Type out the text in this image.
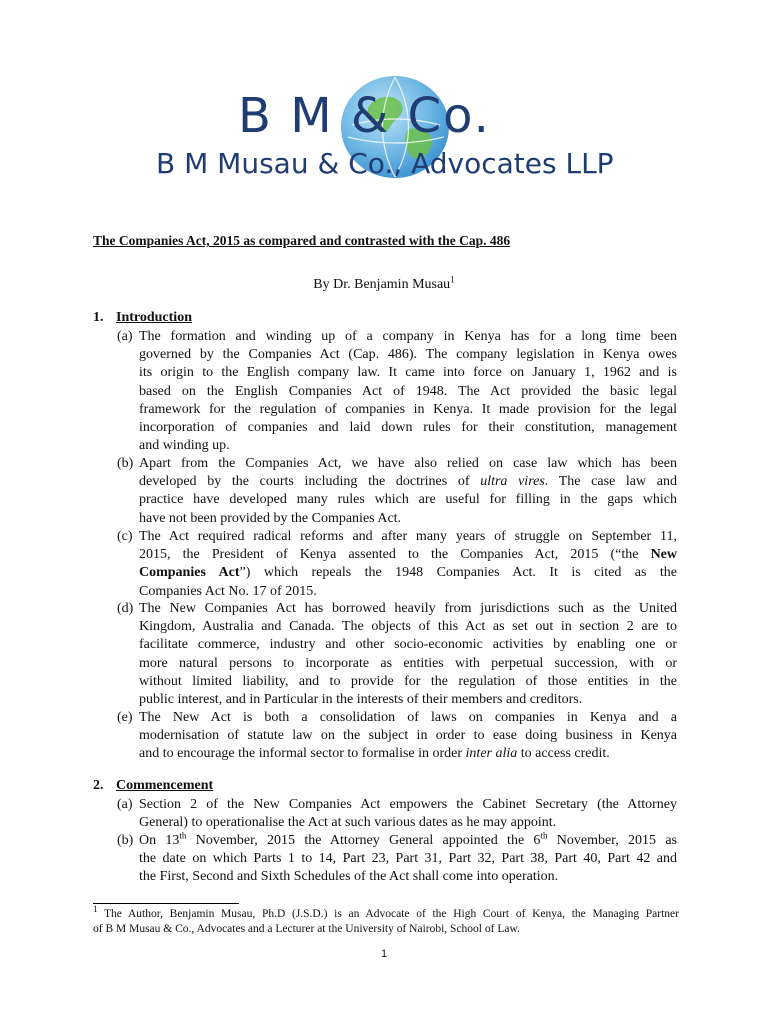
B M & Co.
B M Musau & Co., Advocates LLP
The Companies Act, 2015 as compared and contrasted with the Cap. 486
By Dr. Benjamin Musau$^1$
1. Introduction
(a) The formation and winding up of a company in Kenya has for a long time been
governed by the Companies Act (Cap. 486). The company legislation in Kenya owes
its origin to the English company law. It came into force on January 1, 1962 and is
based on the English Companies Act of 1948. The Act provided the basic legal
framework for the regulation of companies in Kenya. It made provision for the legal
incorporation of companies and laid down rules for their constitution, management
and winding up.
(b) Apart from the Companies Act, we have also relied on case law which has been
developed by the courts including the doctrines of ultra vires. The case law and
practice have developed many rules which are useful for filling in the gaps which
have not been provided by the Companies Act.
(c) The Act required radical reforms and after many years of struggle on September 11,
2015, the President of Kenya assented to the Companies Act, 2015 (“the New
Companies Act”) which repeals the 1948 Companies Act. It is cited as the
Companies Act No. 17 of 2015.
(d) The New Companies Act has borrowed heavily from jurisdictions such as the United
Kingdom, Australia and Canada. The objects of this Act as set out in section 2 are to
facilitate commerce, industry and other socio-economic activities by enabling one or
more natural persons to incorporate as entities with perpetual succession, with or
without limited liability, and to provide for the regulation of those entities in the
public interest, and in Particular in the interests of their members and creditors.
(e) The New Act is both a consolidation of laws on companies in Kenya and a
modernisation of statute law on the subject in order to ease doing business in Kenya
and to encourage the informal sector to formalise in order inter alia to access credit.
2. Commencement
(a) Section 2 of the New Companies Act empowers the Cabinet Secretary (the Attorney
General) to operationalise the Act at such various dates as he may appoint.
(b) On 13th November, 2015 the Attorney General appointed the 6th November, 2015 as
the date on which Parts 1 to 14, Part 23, Part 31, Part 32, Part 38, Part 40, Part 42 and
the First, Second and Sixth Schedules of the Act shall come into operation.
$^1$ The Author, Benjamin Musau, Ph.D (J.S.D.) is an Advocate of the High Court of Kenya, the Managing Partner
of B M Musau & Co., Advocates and a Lecturer at the University of Nairobi, School of Law.
1
